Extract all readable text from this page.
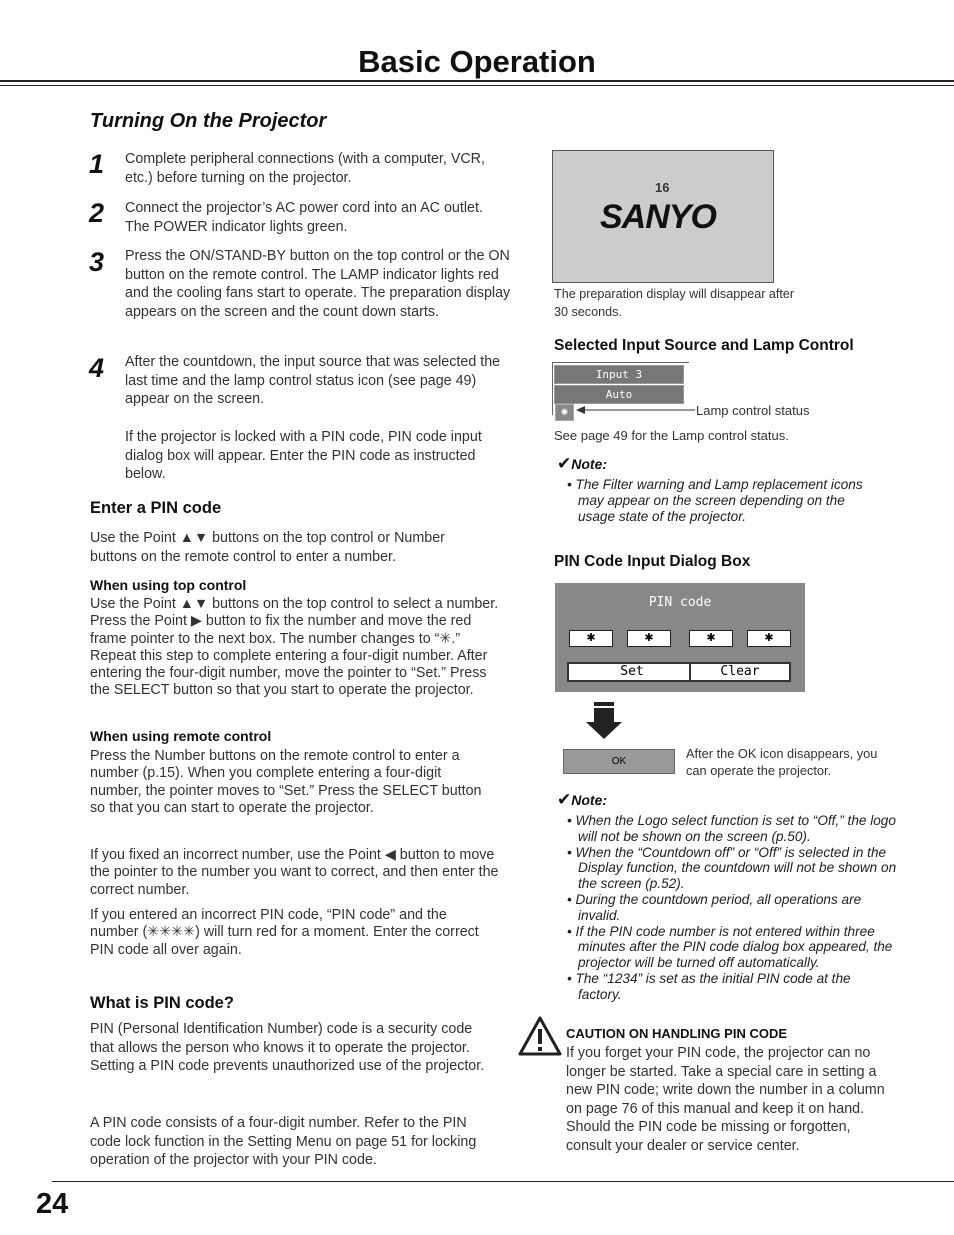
Basic Operation
Turning On the Projector
1 Complete peripheral connections (with a computer, VCR, etc.) before turning on the projector.
2 Connect the projector’s AC power cord into an AC outlet. The POWER indicator lights green.
3 Press the ON/STAND-BY button on the top control or the ON button on the remote control. The LAMP indicator lights red and the cooling fans start to operate. The preparation display appears on the screen and the count down starts.
4 After the countdown, the input source that was selected the last time and the lamp control status icon (see page 49) appear on the screen.
If the projector is locked with a PIN code, PIN code input dialog box will appear. Enter the PIN code as instructed below.
Enter a PIN code
Use the Point ▲▼ buttons on the top control or Number buttons on the remote control to enter a number.
When using top control
Use the Point ▲▼ buttons on the top control to select a number. Press the Point ▶ button to fix the number and move the red frame pointer to the next box. The number changes to “✳.” Repeat this step to complete entering a four-digit number. After entering the four-digit number, move the pointer to “Set.” Press the SELECT button so that you start to operate the projector.
When using remote control
Press the Number buttons on the remote control to enter a number (p.15). When you complete entering a four-digit number, the pointer moves to “Set.” Press the SELECT button so that you can start to operate the projector.
If you fixed an incorrect number, use the Point ◀ button to move the pointer to the number you want to correct, and then enter the correct number.
If you entered an incorrect PIN code, “PIN code” and the number (✳✳✳✳) will turn red for a moment. Enter the correct PIN code all over again.
What is PIN code?
PIN (Personal Identification Number) code is a security code that allows the person who knows it to operate the projector. Setting a PIN code prevents unauthorized use of the projector.
A PIN code consists of a four-digit number. Refer to the PIN code lock function in the Setting Menu on page 51 for locking operation of the projector with your PIN code.
16
SANYO
The preparation display will disappear after 30 seconds.
Selected Input Source and Lamp Control
Input 3
Auto
✺	Lamp control status
See page 49 for the Lamp control status.
✔Note:
• The Filter warning and Lamp replacement icons may appear on the screen depending on the usage state of the projector.
PIN Code Input Dialog Box
PIN code
✱	✱	✱	✱
Set	Clear
OK
After the OK icon disappears, you can operate the projector.
✔Note:
• When the Logo select function is set to “Off,” the logo will not be shown on the screen (p.50).
• When the “Countdown off” or “Off” is selected in the Display function, the countdown will not be shown on the screen (p.52).
• During the countdown period, all operations are invalid.
• If the PIN code number is not entered within three minutes after the PIN code dialog box appeared, the projector will be turned off automatically.
• The “1234” is set as the initial PIN code at the factory.
CAUTION ON HANDLING PIN CODE
If you forget your PIN code, the projector can no longer be started. Take a special care in setting a new PIN code; write down the number in a column on page 76 of this manual and keep it on hand. Should the PIN code be missing or forgotten, consult your dealer or service center.
24
